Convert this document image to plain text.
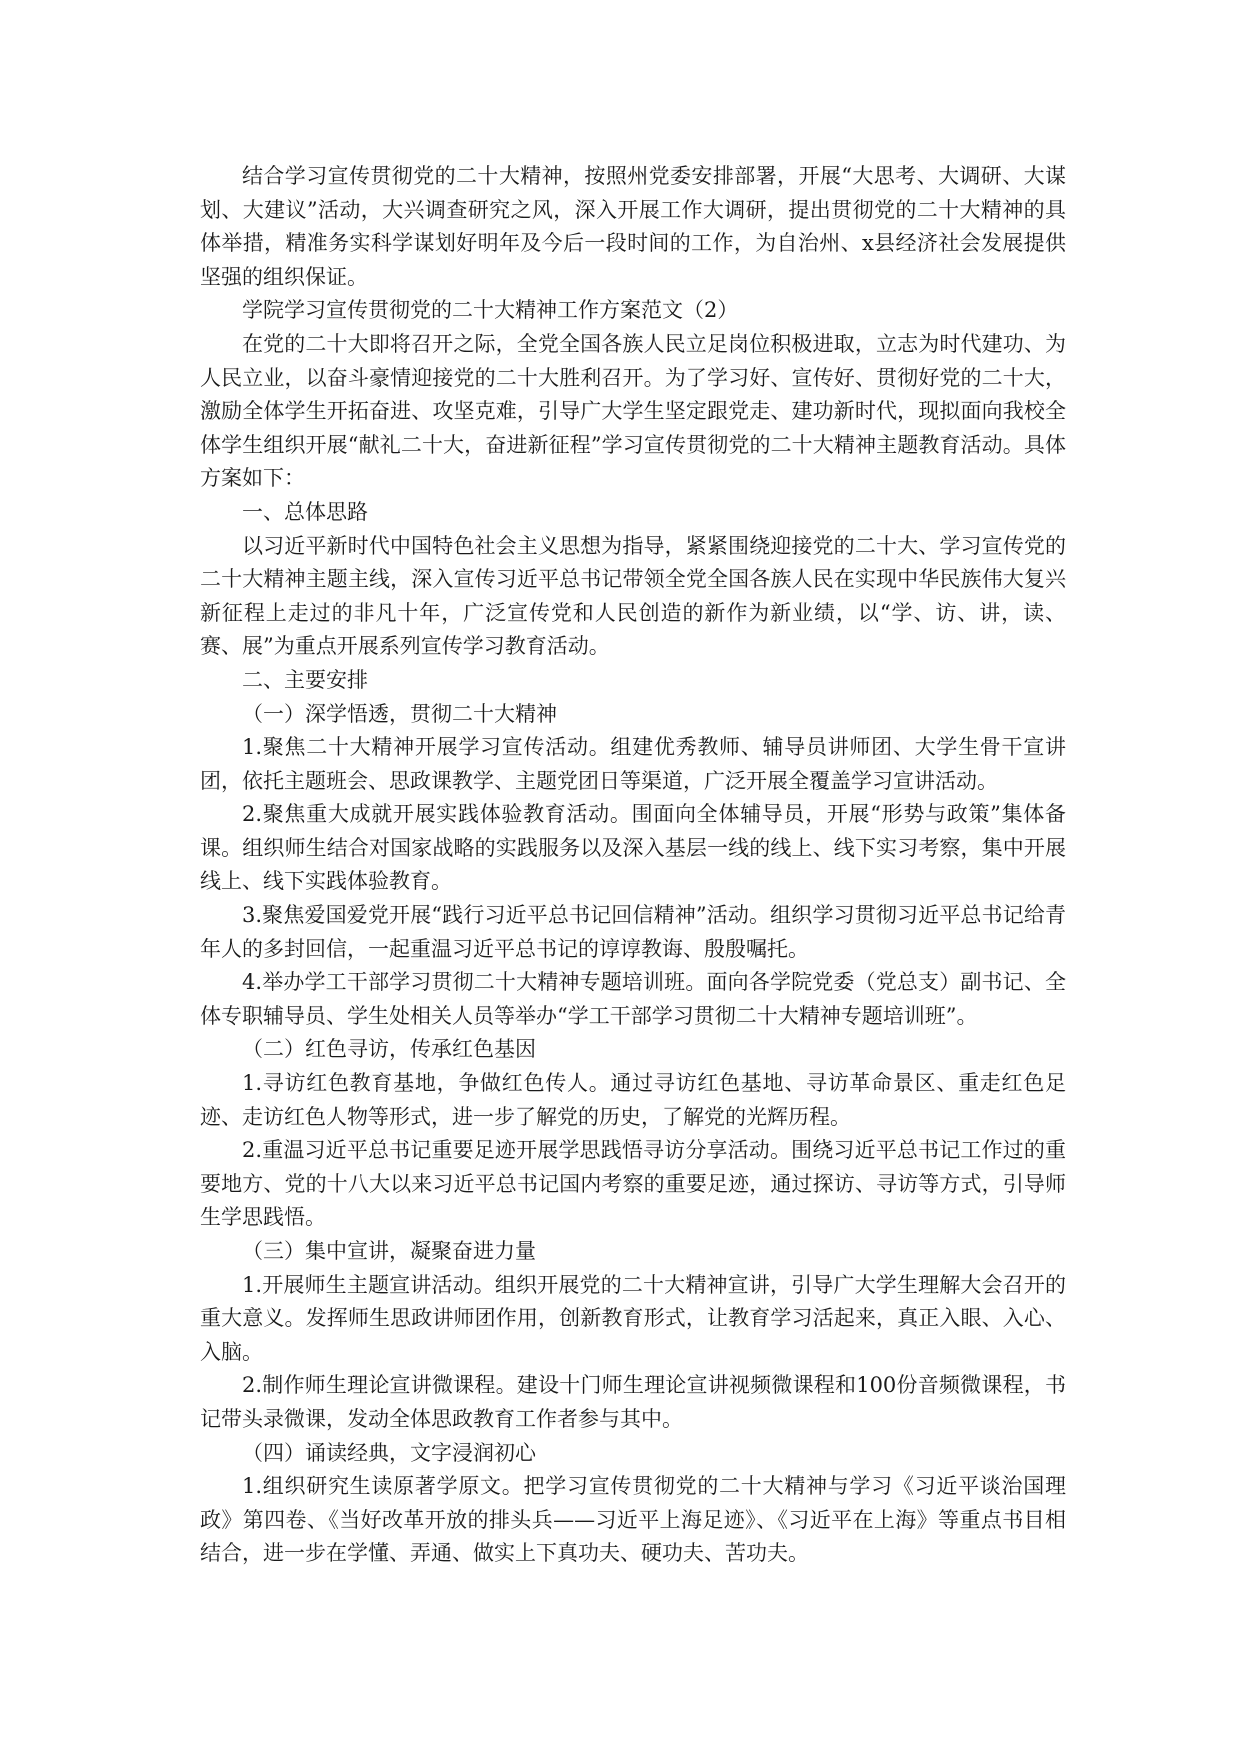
结合学习宣传贯彻党的二十大精神，按照州党委安排部署，开展“大思考、大调研、大谋划、大建议”活动，大兴调查研究之风，深入开展工作大调研，提出贯彻党的二十大精神的具体举措，精准务实科学谋划好明年及今后一段时间的工作，为自治州、x县经济社会发展提供坚强的组织保证。

学院学习宣传贯彻党的二十大精神工作方案范文（2）

在党的二十大即将召开之际，全党全国各族人民立足岗位积极进取，立志为时代建功、为人民立业，以奋斗豪情迎接党的二十大胜利召开。为了学习好、宣传好、贯彻好党的二十大，激励全体学生开拓奋进、攻坚克难，引导广大学生坚定跟党走、建功新时代，现拟面向我校全体学生组织开展“献礼二十大，奋进新征程”学习宣传贯彻党的二十大精神主题教育活动。具体方案如下：

一、总体思路

以习近平新时代中国特色社会主义思想为指导，紧紧围绕迎接党的二十大、学习宣传党的二十大精神主题主线，深入宣传习近平总书记带领全党全国各族人民在实现中华民族伟大复兴新征程上走过的非凡十年，广泛宣传党和人民创造的新作为新业绩，以“学、访、讲，读、赛、展”为重点开展系列宣传学习教育活动。

二、主要安排

（一）深学悟透，贯彻二十大精神

1.聚焦二十大精神开展学习宣传活动。组建优秀教师、辅导员讲师团、大学生骨干宣讲团，依托主题班会、思政课教学、主题党团日等渠道，广泛开展全覆盖学习宣讲活动。

2.聚焦重大成就开展实践体验教育活动。围面向全体辅导员，开展“形势与政策”集体备课。组织师生结合对国家战略的实践服务以及深入基层一线的线上、线下实习考察，集中开展线上、线下实践体验教育。

3.聚焦爱国爱党开展“践行习近平总书记回信精神”活动。组织学习贯彻习近平总书记给青年人的多封回信，一起重温习近平总书记的谆谆教诲、殷殷嘱托。

4.举办学工干部学习贯彻二十大精神专题培训班。面向各学院党委（党总支）副书记、全体专职辅导员、学生处相关人员等举办“学工干部学习贯彻二十大精神专题培训班”。

（二）红色寻访，传承红色基因

1.寻访红色教育基地，争做红色传人。通过寻访红色基地、寻访革命景区、重走红色足迹、走访红色人物等形式，进一步了解党的历史，了解党的光辉历程。

2.重温习近平总书记重要足迹开展学思践悟寻访分享活动。围绕习近平总书记工作过的重要地方、党的十八大以来习近平总书记国内考察的重要足迹，通过探访、寻访等方式，引导师生学思践悟。

（三）集中宣讲，凝聚奋进力量

1.开展师生主题宣讲活动。组织开展党的二十大精神宣讲，引导广大学生理解大会召开的重大意义。发挥师生思政讲师团作用，创新教育形式，让教育学习活起来，真正入眼、入心、入脑。

2.制作师生理论宣讲微课程。建设十门师生理论宣讲视频微课程和100份音频微课程，书记带头录微课，发动全体思政教育工作者参与其中。

（四）诵读经典，文字浸润初心

1.组织研究生读原著学原文。把学习宣传贯彻党的二十大精神与学习《习近平谈治国理政》第四卷、《当好改革开放的排头兵——习近平上海足迹》、《习近平在上海》等重点书目相结合，进一步在学懂、弄通、做实上下真功夫、硬功夫、苦功夫。
